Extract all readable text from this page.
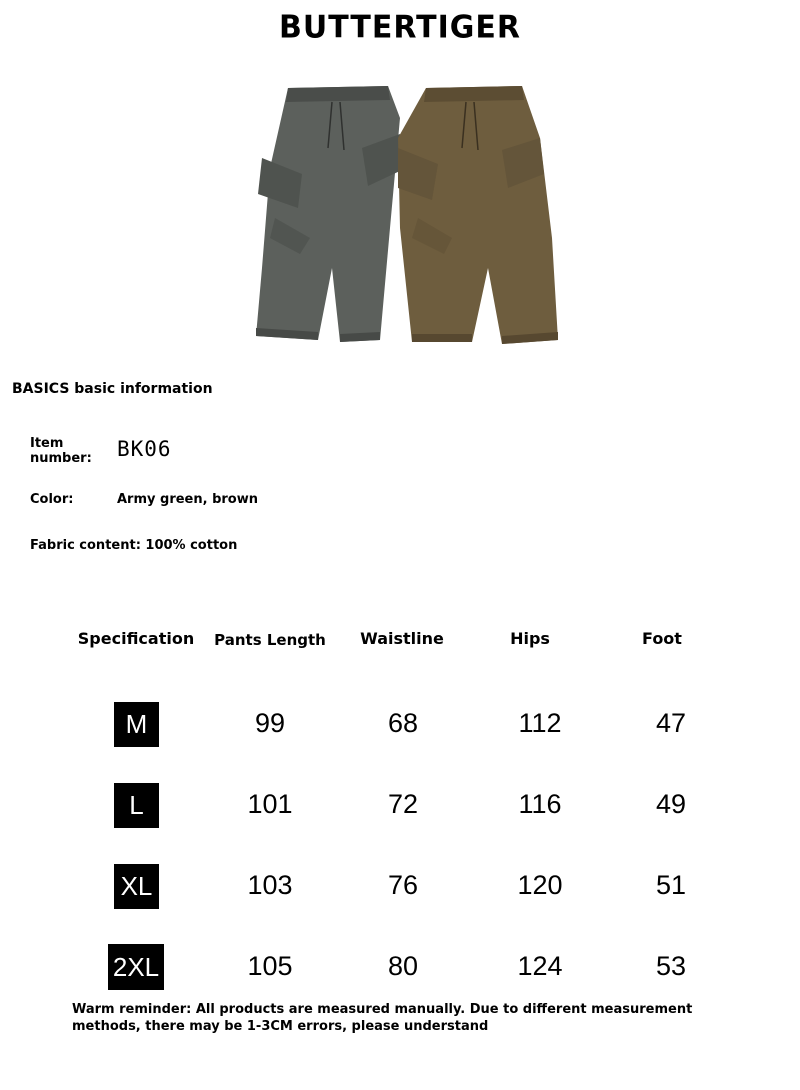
BUTTERTIGER
BASICS basic information
Item number:	BK06
Color:	Army green, brown
Fabric content: 100% cotton
Specification	Pants Length	Waistline	Hips	Foot
M	99	68	112	47
L	101	72	116	49
XL	103	76	120	51
2XL	105	80	124	53
Warm reminder: All products are measured manually. Due to different measurement methods, there may be 1-3CM errors, please understand
